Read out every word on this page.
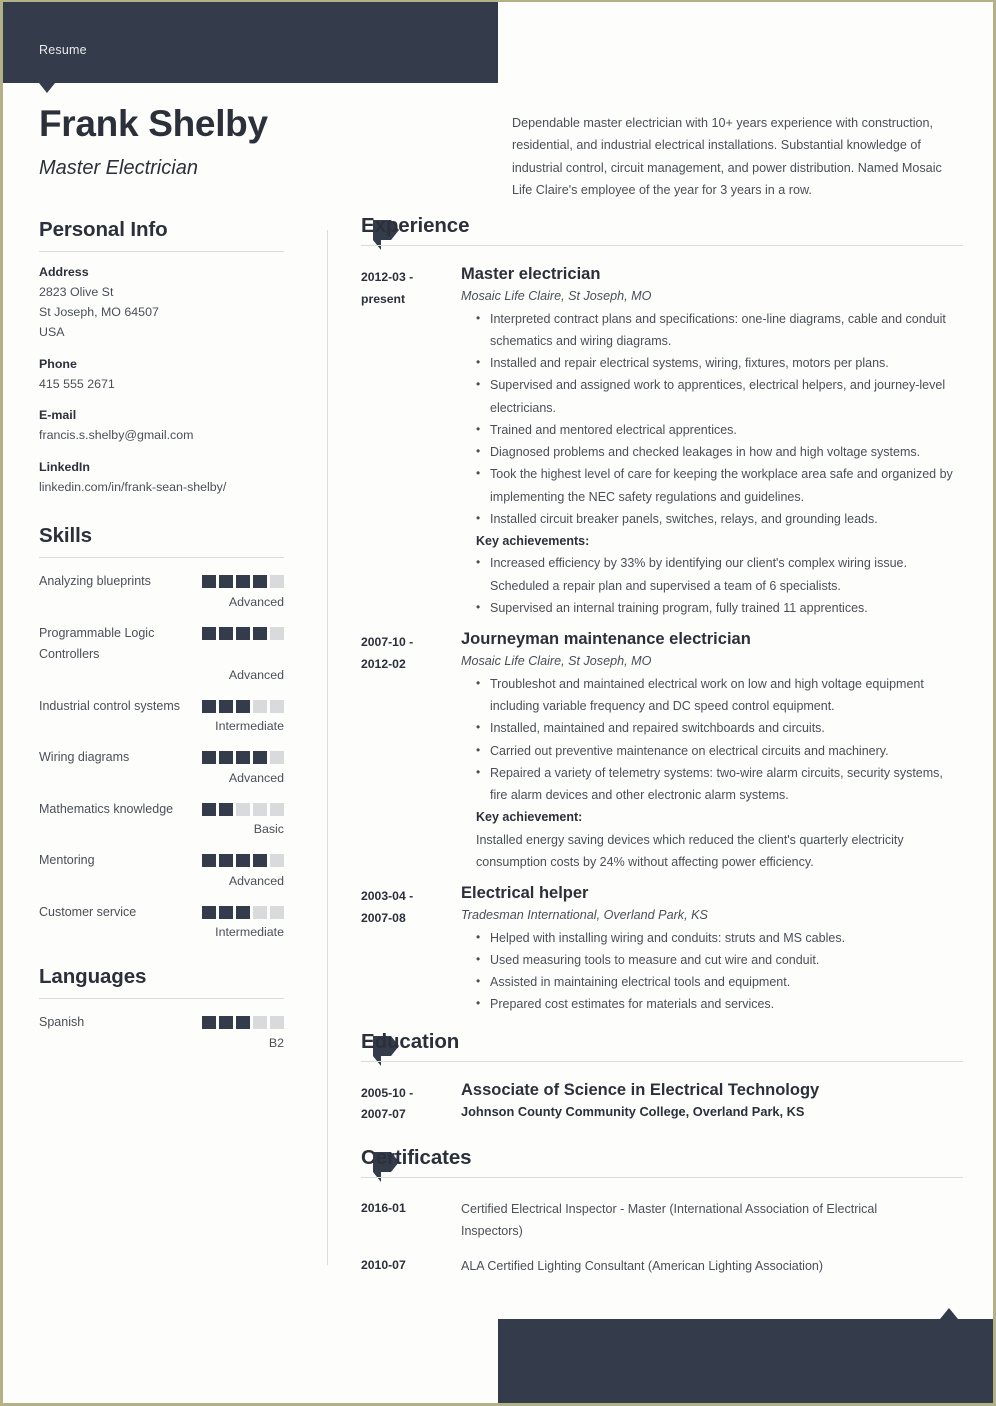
Resume
Frank Shelby
Master Electrician
Dependable master electrician with 10+ years experience with construction, residential, and industrial electrical installations. Substantial knowledge of industrial control, circuit management, and power distribution. Named Mosaic Life Claire's employee of the year for 3 years in a row.
Personal Info
Address
2823 Olive St
St Joseph, MO 64507
USA
Phone
415 555 2671
E-mail
francis.s.shelby@gmail.com
LinkedIn
linkedin.com/in/frank-sean-shelby/
Skills
Analyzing blueprints
Advanced
Programmable Logic Controllers
Advanced
Industrial control systems
Intermediate
Wiring diagrams
Advanced
Mathematics knowledge
Basic
Mentoring
Advanced
Customer service
Intermediate
Languages
Spanish
B2
Experience
2012-03 -
present
Master electrician
Mosaic Life Claire, St Joseph, MO
• Interpreted contract plans and specifications: one-line diagrams, cable and conduit schematics and wiring diagrams.
• Installed and repair electrical systems, wiring, fixtures, motors per plans.
• Supervised and assigned work to apprentices, electrical helpers, and journey-level electricians.
• Trained and mentored electrical apprentices.
• Diagnosed problems and checked leakages in how and high voltage systems.
• Took the highest level of care for keeping the workplace area safe and organized by implementing the NEC safety regulations and guidelines.
• Installed circuit breaker panels, switches, relays, and grounding leads.
Key achievements:
• Increased efficiency by 33% by identifying our client's complex wiring issue. Scheduled a repair plan and supervised a team of 6 specialists.
• Supervised an internal training program, fully trained 11 apprentices.
2007-10 -
2012-02
Journeyman maintenance electrician
Mosaic Life Claire, St Joseph, MO
• Troubleshot and maintained electrical work on low and high voltage equipment including variable frequency and DC speed control equipment.
• Installed, maintained and repaired switchboards and circuits.
• Carried out preventive maintenance on electrical circuits and machinery.
• Repaired a variety of telemetry systems: two-wire alarm circuits, security systems, fire alarm devices and other electronic alarm systems.
Key achievement:
Installed energy saving devices which reduced the client's quarterly electricity consumption costs by 24% without affecting power efficiency.
2003-04 -
2007-08
Electrical helper
Tradesman International, Overland Park, KS
• Helped with installing wiring and conduits: struts and MS cables.
• Used measuring tools to measure and cut wire and conduit.
• Assisted in maintaining electrical tools and equipment.
• Prepared cost estimates for materials and services.
Education
2005-10 -
2007-07
Associate of Science in Electrical Technology
Johnson County Community College, Overland Park, KS
Certificates
2016-01	Certified Electrical Inspector - Master (International Association of Electrical Inspectors)
2010-07	ALA Certified Lighting Consultant (American Lighting Association)
